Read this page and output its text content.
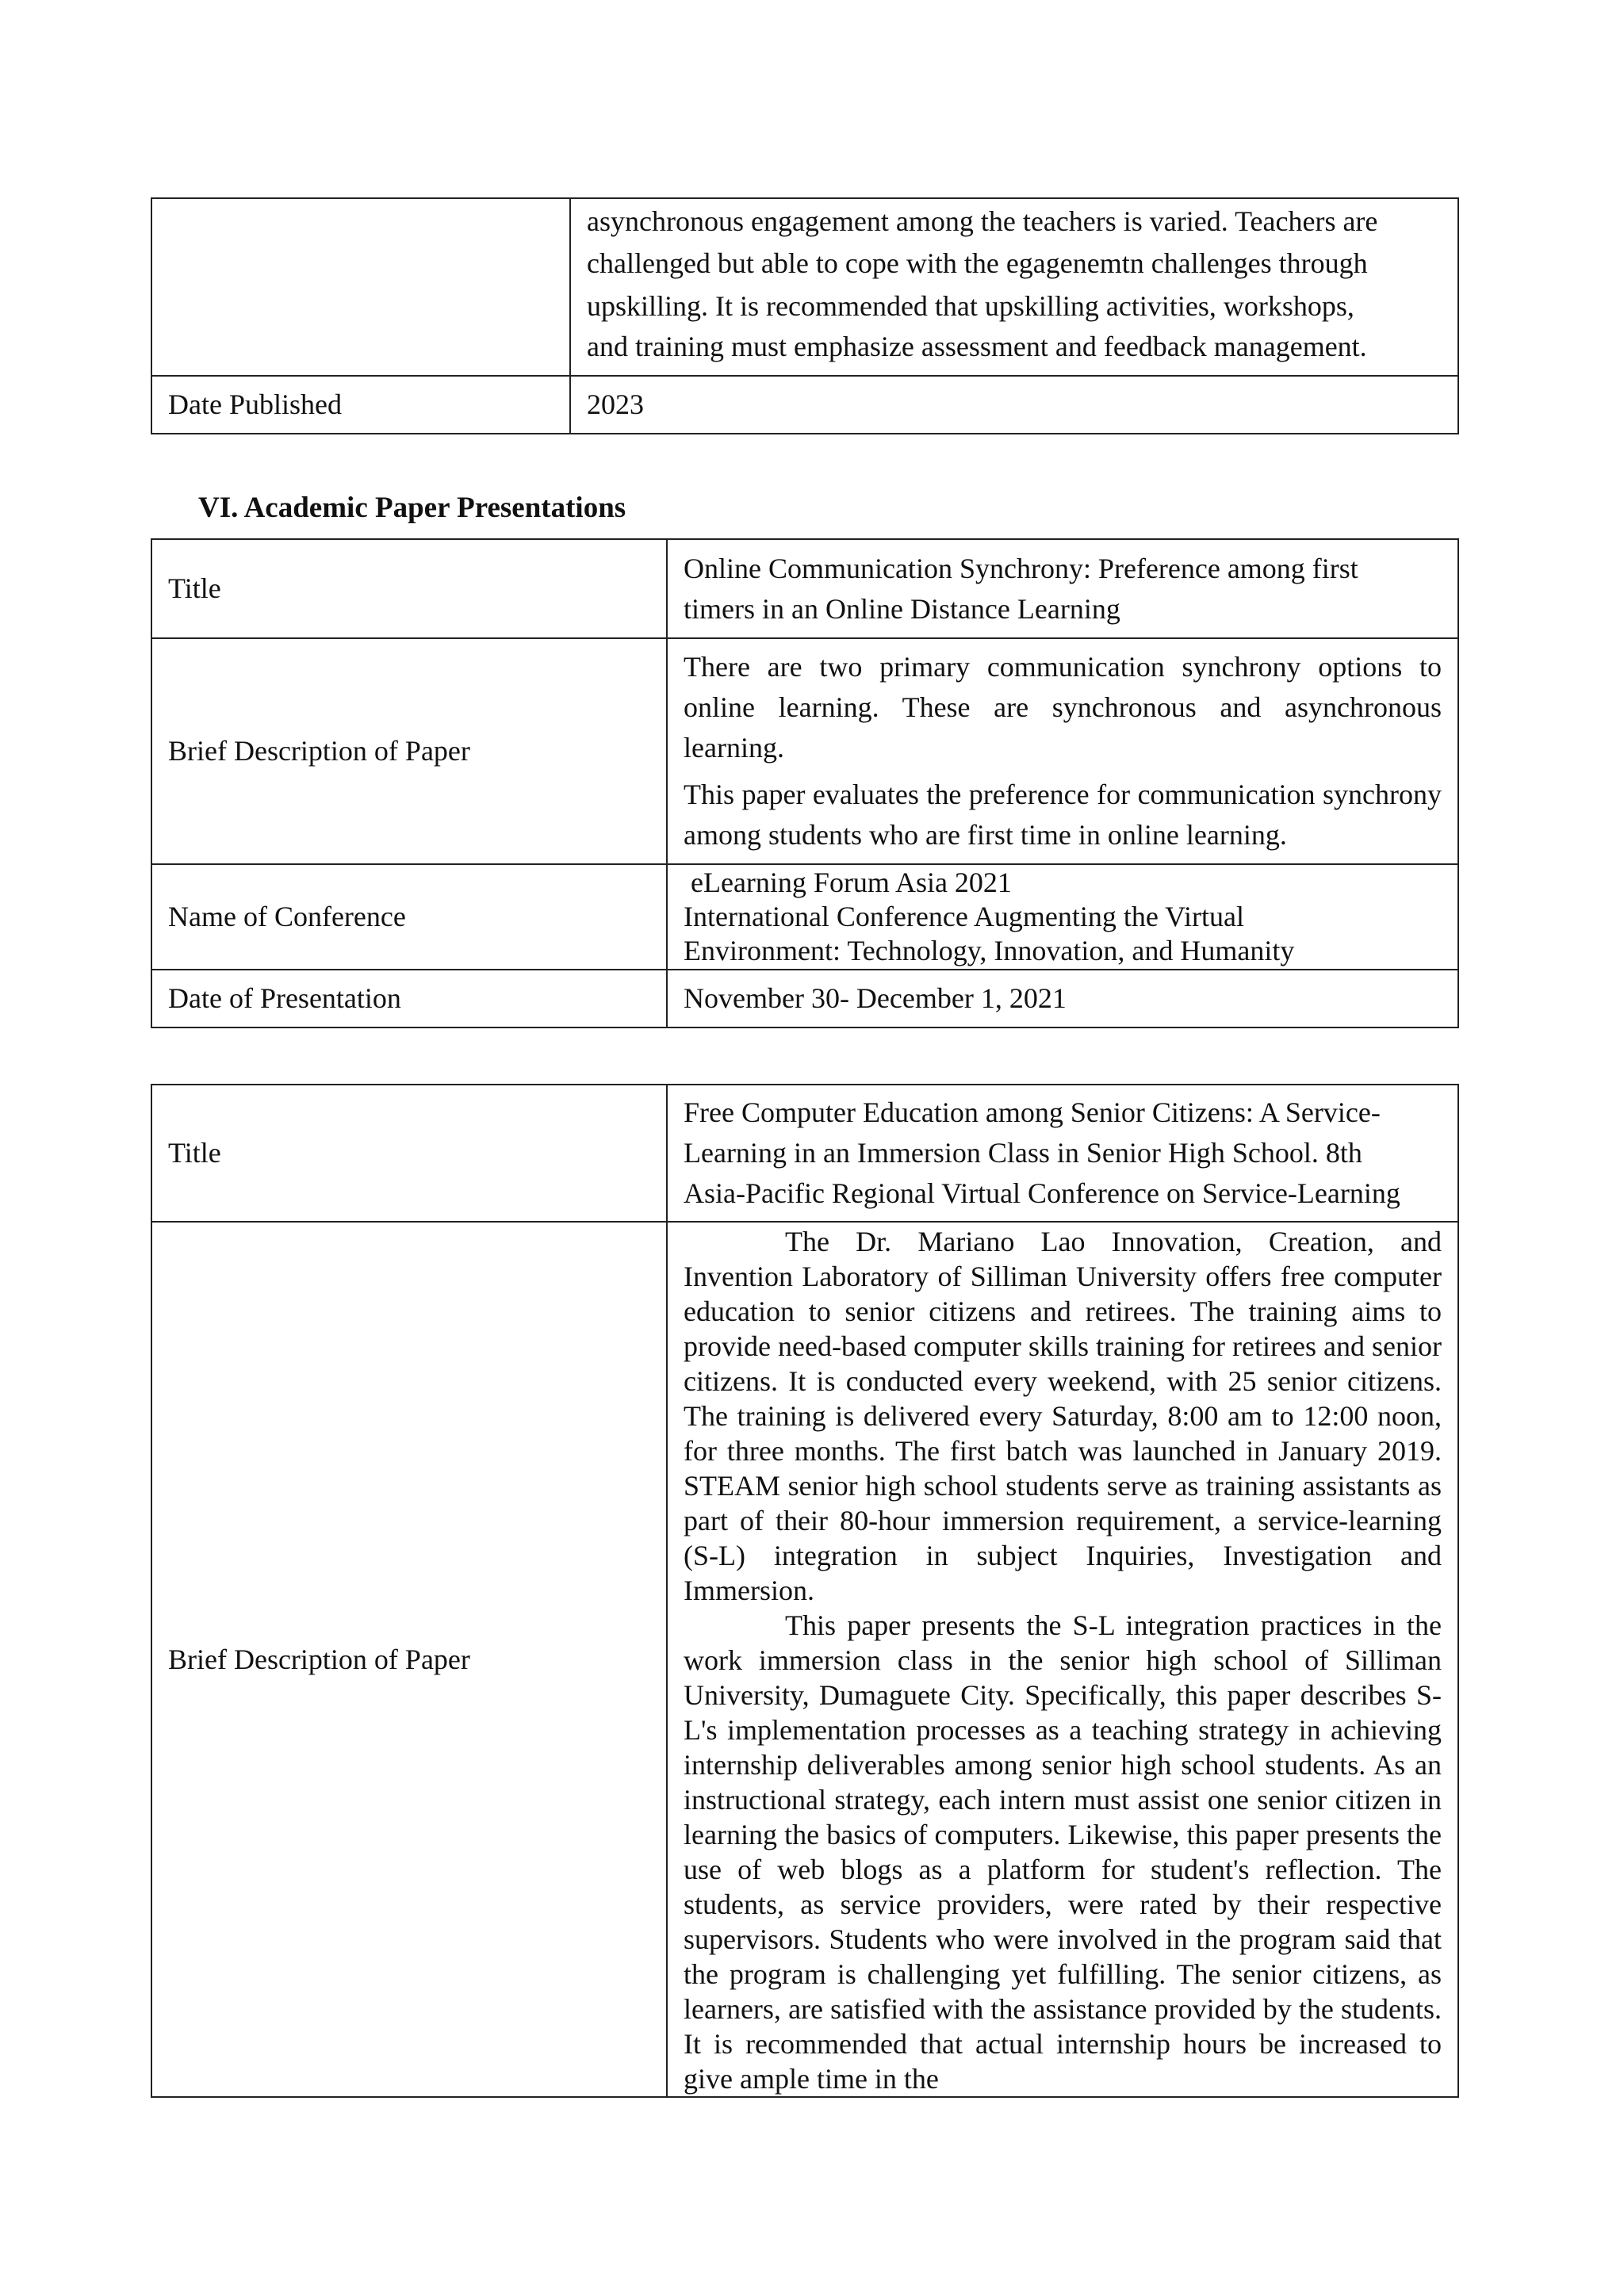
	asynchronous engagement among the teachers is varied. Teachers are

challenged but able to cope with the egagenemtn challenges through

upskilling. It is recommended that upskilling activities, workshops,

and training must emphasize assessment and feedback management.

Date Published	2023
VI. Academic Paper Presentations
Title	Online Communication Synchrony: Preference among first

timers in an Online Distance Learning

Brief Description of Paper	There are two primary communication synchrony options to online learning. These are synchronous and asynchronous learning.

This paper evaluates the preference for communication synchrony among students who are first time in online learning.

Name of Conference	eLearning Forum Asia 2021

International Conference Augmenting the Virtual

Environment: Technology, Innovation, and Humanity

Date of Presentation	November 30- December 1, 2021
Title	Free Computer Education among Senior Citizens: A Service-

Learning in an Immersion Class in Senior High School. 8th

Asia-Pacific Regional Virtual Conference on Service-Learning

Brief Description of Paper	The Dr. Mariano Lao Innovation, Creation, and Invention Laboratory of Silliman University offers free computer education to senior citizens and retirees. The training aims to provide need-based computer skills training for retirees and senior citizens. It is conducted every weekend, with 25 senior citizens. The training is delivered every Saturday, 8:00 am to 12:00 noon, for three months. The first batch was launched in January 2019. STEAM senior high school students serve as training assistants as part of their 80-hour immersion requirement, a service-learning (S-L) integration in subject Inquiries, Investigation and Immersion.

This paper presents the S-L integration practices in the work immersion class in the senior high school of Silliman University, Dumaguete City. Specifically, this paper describes S-L's implementation processes as a teaching strategy in achieving internship deliverables among senior high school students. As an instructional strategy, each intern must assist one senior citizen in learning the basics of computers. Likewise, this paper presents the use of web blogs as a platform for student's reflection. The students, as service providers, were rated by their respective supervisors. Students who were involved in the program said that the program is challenging yet fulfilling. The senior citizens, as learners, are satisfied with the assistance provided by the students. It is recommended that actual internship hours be increased to give ample time in the
